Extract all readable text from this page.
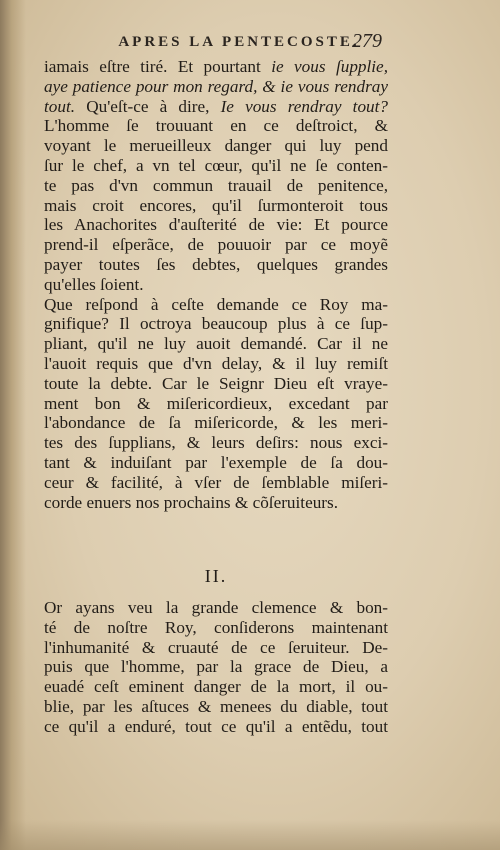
APRES LA PENTECOSTE.
279
iamais eſtre tiré. Et pourtant ie vous ſupplie,
aye patience pour mon regard, & ie vous rendray
tout. Qu'eſt-ce à dire, Ie vous rendray tout?
L'homme ſe trouuant en ce deſtroict, &
voyant le merueilleux danger qui luy pend
ſur le chef, a vn tel cœur, qu'il ne ſe conten-
te pas d'vn commun trauail de penitence,
mais croit encores, qu'il ſurmonteroit tous
les Anachorites d'auſterité de vie: Et pource
prend-il eſperãce, de pouuoir par ce moyẽ
payer toutes ſes debtes, quelques grandes
qu'elles ſoient.
Que reſpond à ceſte demande ce Roy ma-
gnifique? Il octroya beaucoup plus à ce ſup-
pliant, qu'il ne luy auoit demandé. Car il ne
l'auoit requis que d'vn delay, & il luy remiſt
toute la debte. Car le Seignr Dieu eſt vraye-
ment bon & miſericordieux, excedant par
l'abondance de ſa miſericorde, & les meri-
tes des ſupplians, & leurs deſirs: nous exci-
tant & induiſant par l'exemple de ſa dou-
ceur & facilité, à vſer de ſemblable miſeri-
corde enuers nos prochains & cõſeruiteurs.
II.
Or ayans veu la grande clemence & bon-
té de noſtre Roy, conſiderons maintenant
l'inhumanité & cruauté de ce ſeruiteur. De-
puis que l'homme, par la grace de Dieu, a
euadé ceſt eminent danger de la mort, il ou-
blie, par les aſtuces & menees du diable, tout
ce qu'il a enduré, tout ce qu'il a entẽdu, tout
